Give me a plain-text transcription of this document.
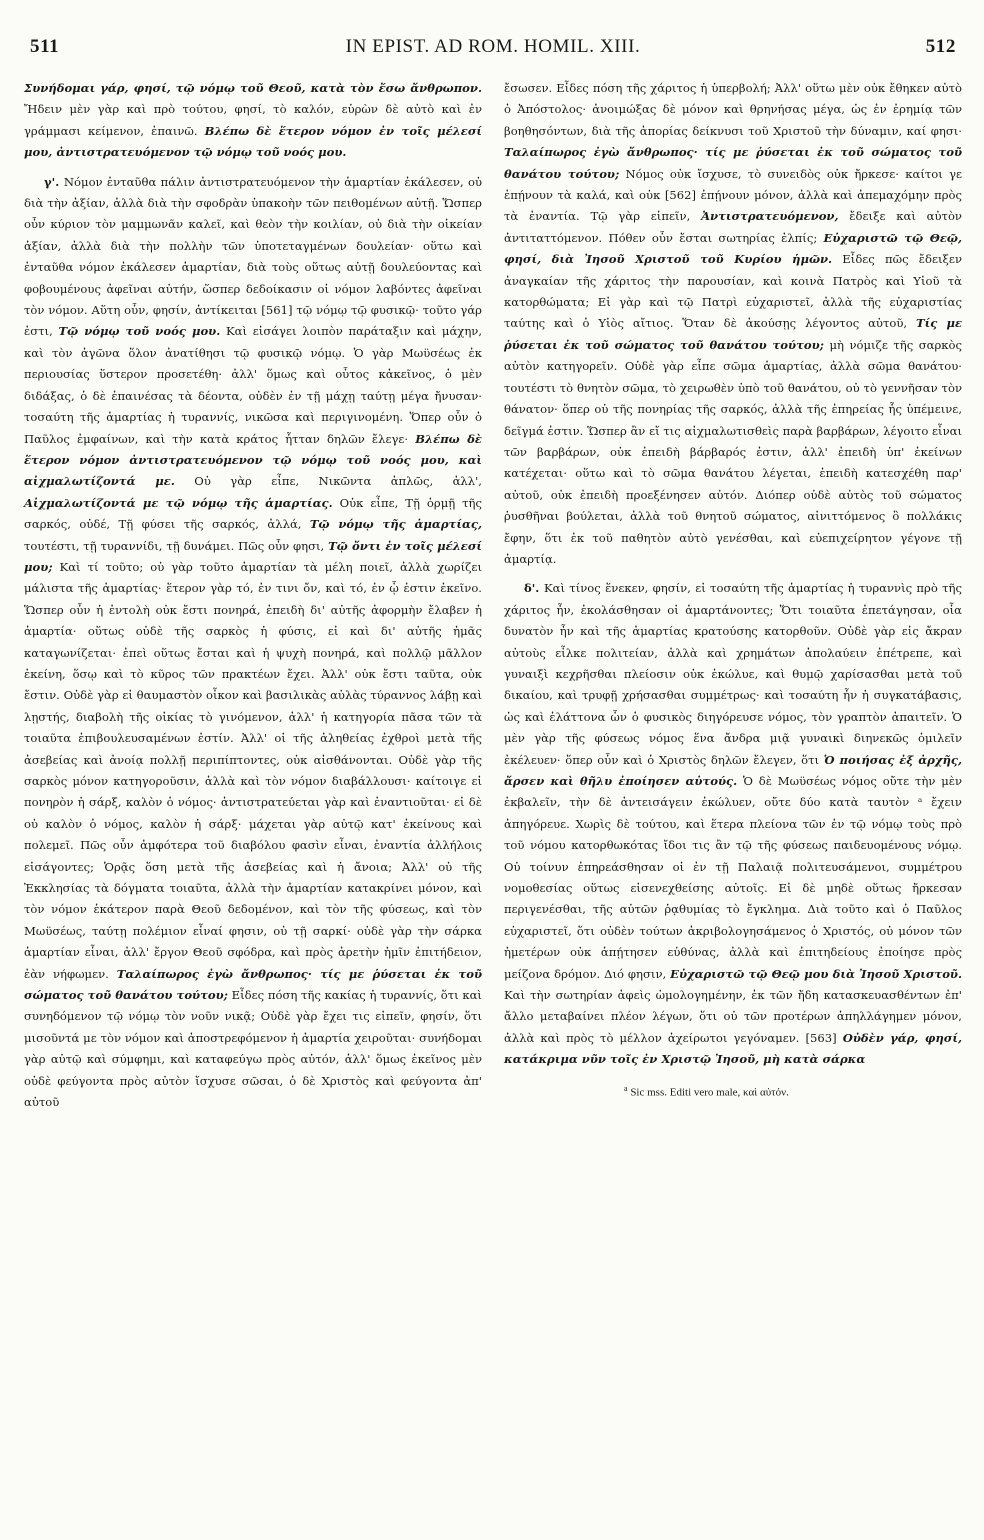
511	IN EPIST. AD ROM. HOMIL. XIII.	512

Συνήδομαι γάρ, φησί, τῷ νόμῳ τοῦ Θεοῦ, κατὰ τὸν ἔσω ἄνθρωπον. Ἤδειν μὲν γὰρ καὶ πρὸ τούτου, φησί, τὸ καλόν, εὑρὼν δὲ αὐτὸ καὶ ἐν γράμμασι κείμενον, ἐπαινῶ. Βλέπω δὲ ἕτερον νόμον ἐν τοῖς μέλεσί μου, ἀντιστρατευόμενον τῷ νόμῳ τοῦ νοός μου.

γ'. Νόμον ἐνταῦθα πάλιν ἀντιστρατευόμενον τὴν ἁμαρτίαν ἐκάλεσεν, οὐ διὰ τὴν ἀξίαν, ἀλλὰ διὰ τὴν σφοδρὰν ὑπακοὴν τῶν πειθομένων αὐτῇ. Ὥσπερ οὖν κύριον τὸν μαμμωνᾶν καλεῖ, καὶ θεὸν τὴν κοιλίαν, οὐ διὰ τὴν οἰκείαν ἀξίαν, ἀλλὰ διὰ τὴν πολλὴν τῶν ὑποτεταγμένων δουλείαν· οὕτω καὶ ἐνταῦθα νόμον ἐκάλεσεν ἁμαρτίαν, διὰ τοὺς οὕτως αὐτῇ δουλεύοντας καὶ φοβουμένους ἀφεῖναι αὐτήν, ὥσπερ δεδοίκασιν οἱ νόμον λαβόντες ἀφεῖναι τὸν νόμον. Αὕτη οὖν, φησίν, ἀντίκειται [561] τῷ νόμῳ τῷ φυσικῷ· τοῦτο γάρ ἐστι, Τῷ νόμῳ τοῦ νοός μου. Καὶ εἰσάγει λοιπὸν παράταξιν καὶ μάχην, καὶ τὸν ἀγῶνα ὅλον ἀνατίθησι τῷ φυσικῷ νόμῳ. Ὁ γὰρ Μωϋσέως ἐκ περιουσίας ὕστερον προσετέθη· ἀλλ' ὅμως καὶ οὗτος κἀκεῖνος, ὁ μὲν διδάξας, ὁ δὲ ἐπαινέσας τὰ δέοντα, οὐδὲν ἐν τῇ μάχῃ ταύτῃ μέγα ἤνυσαν· τοσαύτη τῆς ἁμαρτίας ἡ τυραννίς, νικῶσα καὶ περιγινομένη. Ὅπερ οὖν ὁ Παῦλος ἐμφαίνων, καὶ τὴν κατὰ κράτος ἧτταν δηλῶν ἔλεγε· Βλέπω δὲ ἕτερον νόμον ἀντιστρατευόμενον τῷ νόμῳ τοῦ νοός μου, καὶ αἰχμαλωτίζοντά με. Οὐ γὰρ εἶπε, Νικῶντα ἁπλῶς, ἀλλ', Αἰχμαλωτίζοντά με τῷ νόμῳ τῆς ἁμαρτίας. Οὐκ εἶπε, Τῇ ὁρμῇ τῆς σαρκός, οὐδέ, Τῇ φύσει τῆς σαρκός, ἀλλά, Τῷ νόμῳ τῆς ἁμαρτίας, τουτέστι, τῇ τυραννίδι, τῇ δυνάμει. Πῶς οὖν φησι, Τῷ ὄντι ἐν τοῖς μέλεσί μου; Καὶ τί τοῦτο; οὐ γὰρ τοῦτο ἁμαρτίαν τὰ μέλη ποιεῖ, ἀλλὰ χωρίζει μάλιστα τῆς ἁμαρτίας· ἕτερον γὰρ τό, ἐν τινι ὄν, καὶ τό, ἐν ᾧ ἐστιν ἐκεῖνο. Ὥσπερ οὖν ἡ ἐντολὴ οὐκ ἔστι πονηρά, ἐπειδὴ δι' αὐτῆς ἀφορμὴν ἔλαβεν ἡ ἁμαρτία· οὕτως οὐδὲ τῆς σαρκὸς ἡ φύσις, εἰ καὶ δι' αὐτῆς ἡμᾶς καταγωνίζεται· ἐπεὶ οὕτως ἔσται καὶ ἡ ψυχὴ πονηρά, καὶ πολλῷ μᾶλλον ἐκείνη, ὅσῳ καὶ τὸ κῦρος τῶν πρακτέων ἔχει. Ἀλλ' οὐκ ἔστι ταῦτα, οὐκ ἔστιν. Οὐδὲ γὰρ εἰ θαυμαστὸν οἶκον καὶ βασιλικὰς αὐλὰς τύραννος λάβῃ καὶ λῃστής, διαβολὴ τῆς οἰκίας τὸ γινόμενον, ἀλλ' ἡ κατηγορία πᾶσα τῶν τὰ τοιαῦτα ἐπιβουλευσαμένων ἐστίν. Ἀλλ' οἱ τῆς ἀληθείας ἐχθροὶ μετὰ τῆς ἀσεβείας καὶ ἀνοίᾳ πολλῇ περιπίπτοντες, οὐκ αἰσθάνονται. Οὐδὲ γὰρ τῆς σαρκὸς μόνον κατηγοροῦσιν, ἀλλὰ καὶ τὸν νόμον διαβάλλουσι· καίτοιγε εἰ πονηρὸν ἡ σάρξ, καλὸν ὁ νόμος· ἀντιστρατεύεται γὰρ καὶ ἐναντιοῦται· εἰ δὲ οὐ καλὸν ὁ νόμος, καλὸν ἡ σάρξ· μάχεται γὰρ αὐτῷ κατ' ἐκείνους καὶ πολεμεῖ. Πῶς οὖν ἀμφότερα τοῦ διαβόλου φασὶν εἶναι, ἐναντία ἀλλήλοις εἰσάγοντες; Ὁρᾷς ὅση μετὰ τῆς ἀσεβείας καὶ ἡ ἄνοια; Ἀλλ' οὐ τῆς Ἐκκλησίας τὰ δόγματα τοιαῦτα, ἀλλὰ τὴν ἁμαρτίαν κατακρίνει μόνον, καὶ τὸν νόμον ἑκάτερον παρὰ Θεοῦ δεδομένον, καὶ τὸν τῆς φύσεως, καὶ τὸν Μωϋσέως, ταύτῃ πολέμιον εἶναί φησιν, οὐ τῇ σαρκί· οὐδὲ γὰρ τὴν σάρκα ἁμαρτίαν εἶναι, ἀλλ' ἔργον Θεοῦ σφόδρα, καὶ πρὸς ἀρετὴν ἡμῖν ἐπιτήδειον, ἐὰν νήφωμεν. Ταλαίπωρος ἐγὼ ἄνθρωπος· τίς με ῥύσεται ἐκ τοῦ σώματος τοῦ θανάτου τούτου; Εἶδες πόση τῆς κακίας ἡ τυραννίς, ὅτι καὶ συνηδόμενον τῷ νόμῳ τὸν νοῦν νικᾷ; Οὐδὲ γὰρ ἔχει τις εἰπεῖν, φησίν, ὅτι μισοῦντά με τὸν νόμον καὶ ἀποστρεφόμενον ἡ ἁμαρτία χειροῦται· συνήδομαι γὰρ αὐτῷ καὶ σύμφημι, καὶ καταφεύγω πρὸς αὐτόν, ἀλλ' ὅμως ἐκεῖνος μὲν οὐδὲ φεύγοντα πρὸς αὐτὸν ἴσχυσε σῶσαι, ὁ δὲ Χριστὸς καὶ φεύγοντα ἀπ' αὐτοῦ

ἔσωσεν. Εἶδες πόση τῆς χάριτος ἡ ὑπερβολή; Ἀλλ' οὕτω μὲν οὐκ ἔθηκεν αὐτὸ ὁ Ἀπόστολος· ἀνοιμώξας δὲ μόνον καὶ θρηνήσας μέγα, ὡς ἐν ἐρημίᾳ τῶν βοηθησόντων, διὰ τῆς ἀπορίας δείκνυσι τοῦ Χριστοῦ τὴν δύναμιν, καί φησι· Ταλαίπωρος ἐγὼ ἄνθρωπος· τίς με ῥύσεται ἐκ τοῦ σώματος τοῦ θανάτου τούτου; Νόμος οὐκ ἴσχυσε, τὸ συνειδὸς οὐκ ἤρκεσε· καίτοι γε ἐπῄνουν τὰ καλά, καὶ οὐκ [562] ἐπῄνουν μόνον, ἀλλὰ καὶ ἀπεμαχόμην πρὸς τὰ ἐναντία. Τῷ γὰρ εἰπεῖν, Ἀντιστρατευόμενον, ἔδειξε καὶ αὐτὸν ἀντιταττόμενον. Πόθεν οὖν ἔσται σωτηρίας ἐλπίς; Εὐχαριστῶ τῷ Θεῷ, φησί, διὰ Ἰησοῦ Χριστοῦ τοῦ Κυρίου ἡμῶν. Εἶδες πῶς ἔδειξεν ἀναγκαίαν τῆς χάριτος τὴν παρουσίαν, καὶ κοινὰ Πατρὸς καὶ Υἱοῦ τὰ κατορθώματα; Εἰ γὰρ καὶ τῷ Πατρὶ εὐχαριστεῖ, ἀλλὰ τῆς εὐχαριστίας ταύτης καὶ ὁ Υἱὸς αἴτιος. Ὅταν δὲ ἀκούσῃς λέγοντος αὐτοῦ, Τίς με ῥύσεται ἐκ τοῦ σώματος τοῦ θανάτου τούτου; μὴ νόμιζε τῆς σαρκὸς αὐτὸν κατηγορεῖν. Οὐδὲ γὰρ εἶπε σῶμα ἁμαρτίας, ἀλλὰ σῶμα θανάτου· τουτέστι τὸ θνητὸν σῶμα, τὸ χειρωθὲν ὑπὸ τοῦ θανάτου, οὐ τὸ γεννῆσαν τὸν θάνατον· ὅπερ οὐ τῆς πονηρίας τῆς σαρκός, ἀλλὰ τῆς ἐπηρείας ἧς ὑπέμεινε, δεῖγμά ἐστιν. Ὥσπερ ἂν εἴ τις αἰχμαλωτισθεὶς παρὰ βαρβάρων, λέγοιτο εἶναι τῶν βαρβάρων, οὐκ ἐπειδὴ βάρβαρός ἐστιν, ἀλλ' ἐπειδὴ ὑπ' ἐκείνων κατέχεται· οὕτω καὶ τὸ σῶμα θανάτου λέγεται, ἐπειδὴ κατεσχέθη παρ' αὐτοῦ, οὐκ ἐπειδὴ προεξένησεν αὐτόν. Διόπερ οὐδὲ αὐτὸς τοῦ σώματος ῥυσθῆναι βούλεται, ἀλλὰ τοῦ θνητοῦ σώματος, αἰνιττόμενος ὃ πολλάκις ἔφην, ὅτι ἐκ τοῦ παθητὸν αὐτὸ γενέσθαι, καὶ εὐεπιχείρητον γέγονε τῇ ἁμαρτίᾳ.

δ'. Καὶ τίνος ἕνεκεν, φησίν, εἰ τοσαύτη τῆς ἁμαρτίας ἡ τυραννὶς πρὸ τῆς χάριτος ἦν, ἐκολάσθησαν οἱ ἁμαρτάνοντες; Ὅτι τοιαῦτα ἐπετάγησαν, οἷα δυνατὸν ἦν καὶ τῆς ἁμαρτίας κρατούσης κατορθοῦν. Οὐδὲ γὰρ εἰς ἄκραν αὐτοὺς εἷλκε πολιτείαν, ἀλλὰ καὶ χρημάτων ἀπολαύειν ἐπέτρεπε, καὶ γυναιξὶ κεχρῆσθαι πλείοσιν οὐκ ἐκώλυε, καὶ θυμῷ χαρίσασθαι μετὰ τοῦ δικαίου, καὶ τρυφῇ χρήσασθαι συμμέτρως· καὶ τοσαύτη ἦν ἡ συγκατάβασις, ὡς καὶ ἐλάττονα ὧν ὁ φυσικὸς διηγόρευσε νόμος, τὸν γραπτὸν ἀπαιτεῖν. Ὁ μὲν γὰρ τῆς φύσεως νόμος ἕνα ἄνδρα μιᾷ γυναικὶ διηνεκῶς ὁμιλεῖν ἐκέλευεν· ὅπερ οὖν καὶ ὁ Χριστὸς δηλῶν ἔλεγεν, ὅτι Ὁ ποιήσας ἐξ ἀρχῆς, ἄρσεν καὶ θῆλυ ἐποίησεν αὐτούς. Ὁ δὲ Μωϋσέως νόμος οὔτε τὴν μὲν ἐκβαλεῖν, τὴν δὲ ἀντεισάγειν ἐκώλυεν, οὔτε δύο κατὰ ταυτὸν ᵃ ἔχειν ἀπηγόρευε. Χωρὶς δὲ τούτου, καὶ ἕτερα πλείονα τῶν ἐν τῷ νόμῳ τοὺς πρὸ τοῦ νόμου κατορθωκότας ἴδοι τις ἂν τῷ τῆς φύσεως παιδευομένους νόμῳ. Οὐ τοίνυν ἐπηρεάσθησαν οἱ ἐν τῇ Παλαιᾷ πολιτευσάμενοι, συμμέτρου νομοθεσίας οὕτως εἰσενεχθείσης αὐτοῖς. Εἰ δὲ μηδὲ οὕτως ἤρκεσαν περιγενέσθαι, τῆς αὐτῶν ῥᾳθυμίας τὸ ἔγκλημα. Διὰ τοῦτο καὶ ὁ Παῦλος εὐχαριστεῖ, ὅτι οὐδὲν τούτων ἀκριβολογησάμενος ὁ Χριστός, οὐ μόνον τῶν ἡμετέρων οὐκ ἀπῄτησεν εὐθύνας, ἀλλὰ καὶ ἐπιτηδείους ἐποίησε πρὸς μείζονα δρόμον. Διό φησιν, Εὐχαριστῶ τῷ Θεῷ μου διὰ Ἰησοῦ Χριστοῦ. Καὶ τὴν σωτηρίαν ἀφεὶς ὡμολογημένην, ἐκ τῶν ἤδη κατασκευασθέντων ἐπ' ἄλλο μεταβαίνει πλέον λέγων, ὅτι οὐ τῶν προτέρων ἀπηλλάγημεν μόνον, ἀλλὰ καὶ πρὸς τὸ μέλλον ἀχείρωτοι γεγόναμεν. [563] Οὐδὲν γάρ, φησί, κατάκριμα νῦν τοῖς ἐν Χριστῷ Ἰησοῦ, μὴ κατὰ σάρκα

$^a$ Sic mss. Editi vero male, καὶ αὐτόν.
